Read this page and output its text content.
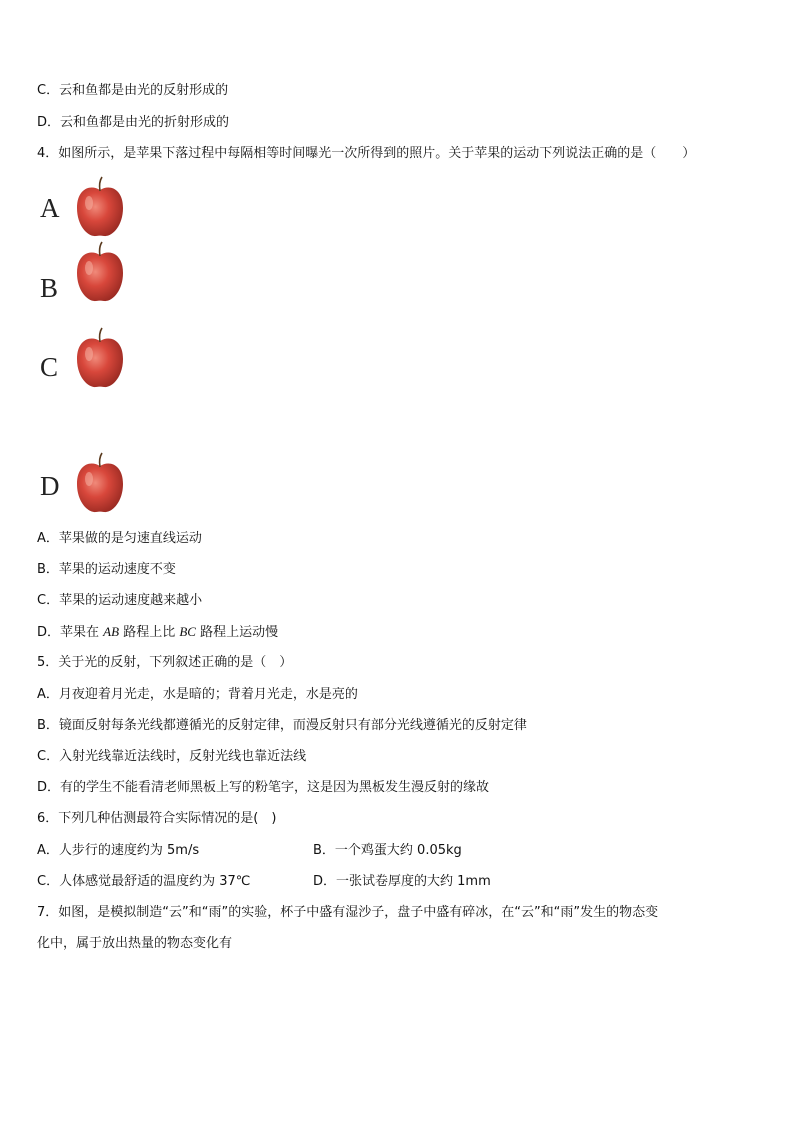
C．云和鱼都是由光的反射形成的
D．云和鱼都是由光的折射形成的
4．如图所示，是苹果下落过程中每隔相等时间曝光一次所得到的照片。关于苹果的运动下列说法正确的是（　　）
A
B
C
D
A．苹果做的是匀速直线运动
B．苹果的运动速度不变
C．苹果的运动速度越来越小
D．苹果在 AB 路程上比 BC 路程上运动慢
5．关于光的反射，下列叙述正确的是（　）
A．月夜迎着月光走，水是暗的；背着月光走，水是亮的
B．镜面反射每条光线都遵循光的反射定律，而漫反射只有部分光线遵循光的反射定律
C．入射光线靠近法线时，反射光线也靠近法线
D．有的学生不能看清老师黑板上写的粉笔字，这是因为黑板发生漫反射的缘故
6．下列几种估测最符合实际情况的是(　)
A．人步行的速度约为 5m/s	B．一个鸡蛋大约 0.05kg
C．人体感觉最舒适的温度约为 37℃	D．一张试卷厚度的大约 1mm
7．如图，是模拟制造“云”和“雨”的实验，杯子中盛有湿沙子，盘子中盛有碎冰，在“云”和“雨”发生的物态变
化中，属于放出热量的物态变化有
